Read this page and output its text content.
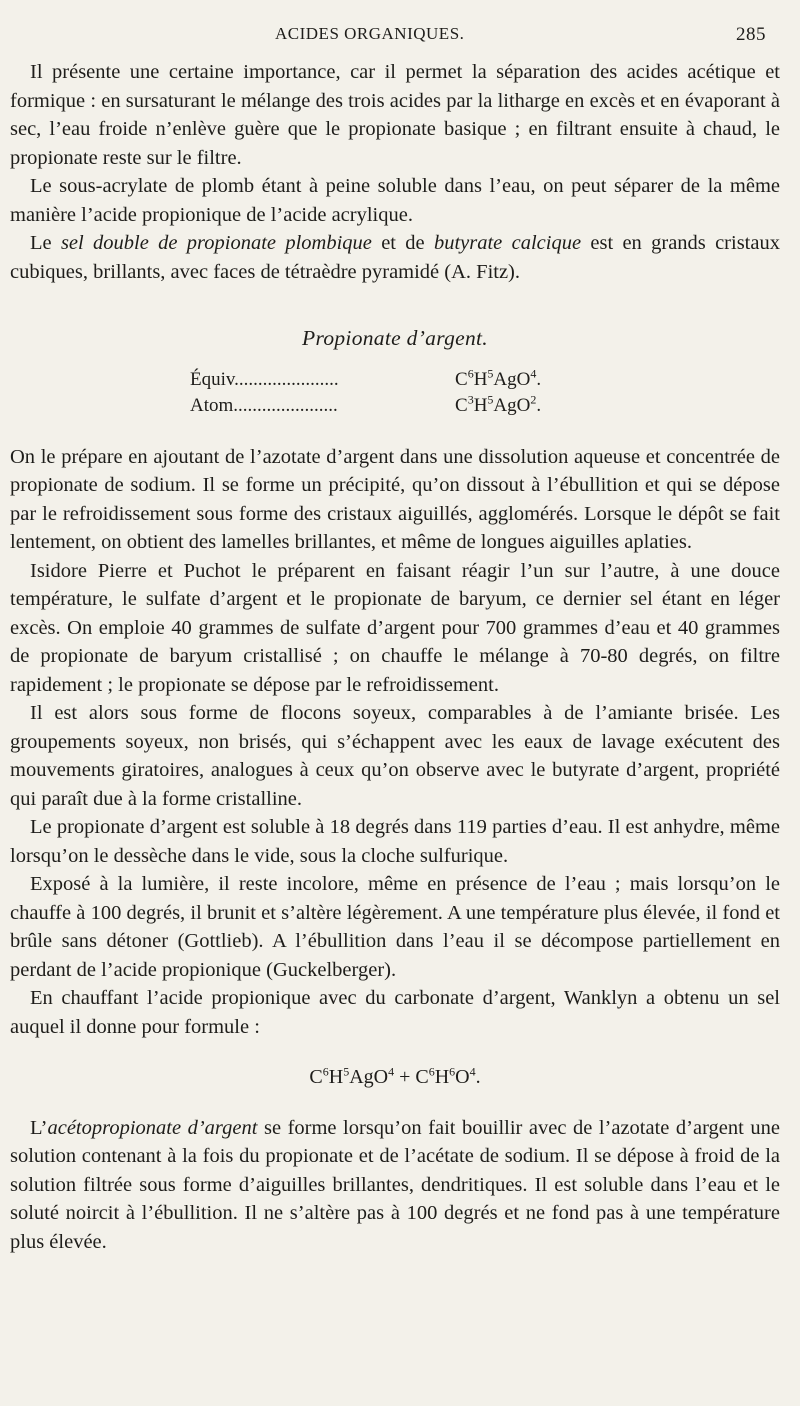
ACIDES ORGANIQUES.	285

Il présente une certaine importance, car il permet la séparation des acides acétique et formique : en sursaturant le mélange des trois acides par la litharge en excès et en évaporant à sec, l’eau froide n’enlève guère que le propionate basique ; en filtrant ensuite à chaud, le propionate reste sur le filtre.

Le sous-acrylate de plomb étant à peine soluble dans l’eau, on peut séparer de la même manière l’acide propionique de l’acide acrylique.

Le sel double de propionate plombique et de butyrate calcique est en grands cristaux cubiques, brillants, avec faces de tétraèdre pyramidé (A. Fitz).

Propionate d’argent.
Équiv......................	$C^6H^5AgO^4$.
Atom......................	$C^3H^5AgO^2$.

On le prépare en ajoutant de l’azotate d’argent dans une dissolution aqueuse et concentrée de propionate de sodium. Il se forme un précipité, qu’on dissout à l’ébullition et qui se dépose par le refroidissement sous forme des cristaux aiguillés, agglomérés. Lorsque le dépôt se fait lentement, on obtient des lamelles brillantes, et même de longues aiguilles aplaties.

Isidore Pierre et Puchot le préparent en faisant réagir l’un sur l’autre, à une douce température, le sulfate d’argent et le propionate de baryum, ce dernier sel étant en léger excès. On emploie 40 grammes de sulfate d’argent pour 700 grammes d’eau et 40 grammes de propionate de baryum cristallisé ; on chauffe le mélange à 70-80 degrés, on filtre rapidement ; le propionate se dépose par le refroidissement.

Il est alors sous forme de flocons soyeux, comparables à de l’amiante brisée. Les groupements soyeux, non brisés, qui s’échappent avec les eaux de lavage exécutent des mouvements giratoires, analogues à ceux qu’on observe avec le butyrate d’argent, propriété qui paraît due à la forme cristalline.

Le propionate d’argent est soluble à 18 degrés dans 119 parties d’eau. Il est anhydre, même lorsqu’on le dessèche dans le vide, sous la cloche sulfurique.

Exposé à la lumière, il reste incolore, même en présence de l’eau ; mais lorsqu’on le chauffe à 100 degrés, il brunit et s’altère légèrement. A une température plus élevée, il fond et brûle sans détoner (Gottlieb). A l’ébullition dans l’eau il se décompose partiellement en perdant de l’acide propionique (Guckelberger).

En chauffant l’acide propionique avec du carbonate d’argent, Wanklyn a obtenu un sel auquel il donne pour formule :

$C^6H^5AgO^4 + C^6H^6O^4$.

L’acétopropionate d’argent se forme lorsqu’on fait bouillir avec de l’azotate d’argent une solution contenant à la fois du propionate et de l’acétate de sodium. Il se dépose à froid de la solution filtrée sous forme d’aiguilles brillantes, dendritiques. Il est soluble dans l’eau et le soluté noircit à l’ébullition. Il ne s’altère pas à 100 degrés et ne fond pas à une température plus élevée.
